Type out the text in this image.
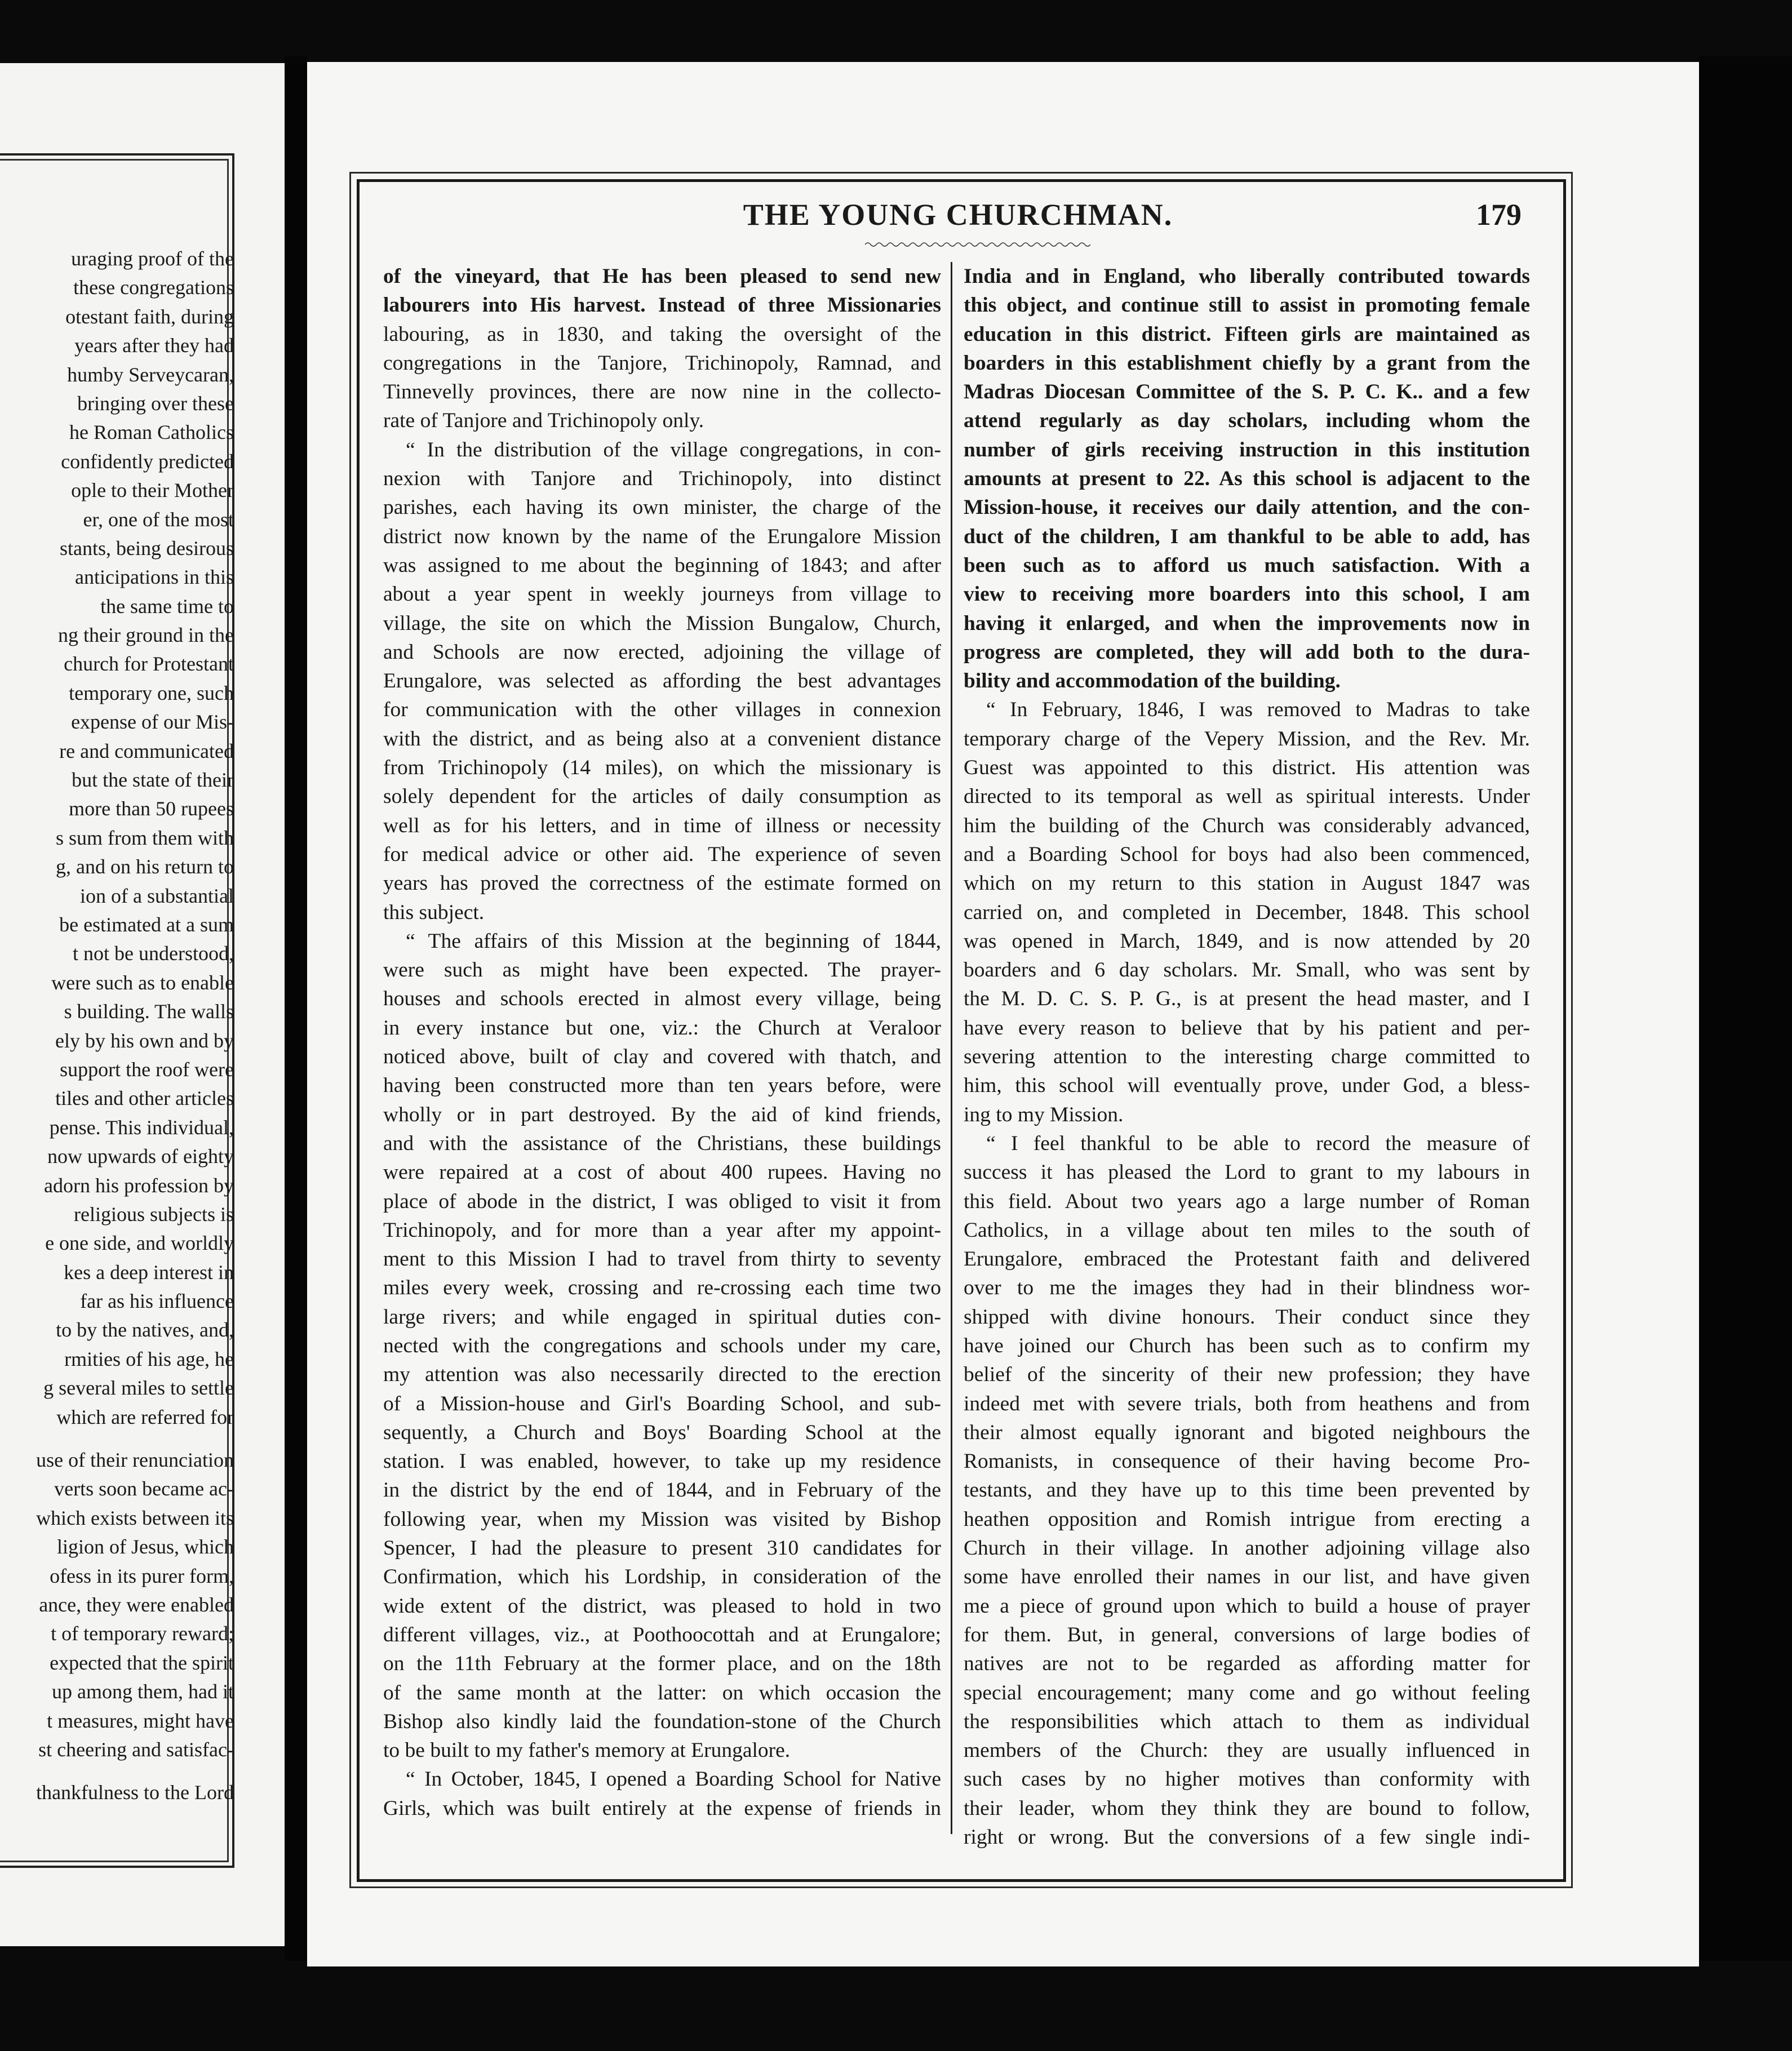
uraging proof of the
these congregations
otestant faith, during
years after they had
humby Serveycaran,
bringing over these
he Roman Catholics
confidently predicted
ople to their Mother
er, one of the most
stants, being desirous
anticipations in this
the same time to
ng their ground in the
church for Protestant
temporary one, such
expense of our Mis-
re and communicated
but the state of their
more than 50 rupees
s sum from them with
g, and on his return to
ion of a substantial
be estimated at a sum
t not be understood,
were such as to enable
s building. The walls
ely by his own and by
support the roof were
tiles and other articles
pense. This individual,
now upwards of eighty
adorn his profession by
religious subjects is
e one side, and worldly
kes a deep interest in
far as his influence
to by the natives, and,
rmities of his age, he
g several miles to settle
which are referred for
use of their renunciation
verts soon became ac-
which exists between its
ligion of Jesus, which
ofess in its purer form,
ance, they were enabled
t of temporary reward;
expected that the spirit
up among them, had it
t measures, might have
st cheering and satisfac-
thankfulness to the Lord
THE YOUNG CHURCHMAN.	179
of the vineyard, that He has been pleased to send new
labourers into His harvest. Instead of three Missionaries
labouring, as in 1830, and taking the oversight of the
congregations in the Tanjore, Trichinopoly, Ramnad, and
Tinnevelly provinces, there are now nine in the collecto-
rate of Tanjore and Trichinopoly only.
“ In the distribution of the village congregations, in con-
nexion with Tanjore and Trichinopoly, into distinct
parishes, each having its own minister, the charge of the
district now known by the name of the Erungalore Mission
was assigned to me about the beginning of 1843; and after
about a year spent in weekly journeys from village to
village, the site on which the Mission Bungalow, Church,
and Schools are now erected, adjoining the village of
Erungalore, was selected as affording the best advantages
for communication with the other villages in connexion
with the district, and as being also at a convenient distance
from Trichinopoly (14 miles), on which the missionary is
solely dependent for the articles of daily consumption as
well as for his letters, and in time of illness or necessity
for medical advice or other aid. The experience of seven
years has proved the correctness of the estimate formed on
this subject.
“ The affairs of this Mission at the beginning of 1844,
were such as might have been expected. The prayer-
houses and schools erected in almost every village, being
in every instance but one, viz.: the Church at Veraloor
noticed above, built of clay and covered with thatch, and
having been constructed more than ten years before, were
wholly or in part destroyed. By the aid of kind friends,
and with the assistance of the Christians, these buildings
were repaired at a cost of about 400 rupees. Having no
place of abode in the district, I was obliged to visit it from
Trichinopoly, and for more than a year after my appoint-
ment to this Mission I had to travel from thirty to seventy
miles every week, crossing and re-crossing each time two
large rivers; and while engaged in spiritual duties con-
nected with the congregations and schools under my care,
my attention was also necessarily directed to the erection
of a Mission-house and Girl's Boarding School, and sub-
sequently, a Church and Boys' Boarding School at the
station. I was enabled, however, to take up my residence
in the district by the end of 1844, and in February of the
following year, when my Mission was visited by Bishop
Spencer, I had the pleasure to present 310 candidates for
Confirmation, which his Lordship, in consideration of the
wide extent of the district, was pleased to hold in two
different villages, viz., at Poothoocottah and at Erungalore;
on the 11th February at the former place, and on the 18th
of the same month at the latter: on which occasion the
Bishop also kindly laid the foundation-stone of the Church
to be built to my father's memory at Erungalore.
“ In October, 1845, I opened a Boarding School for Native
Girls, which was built entirely at the expense of friends in
India and in England, who liberally contributed towards
this object, and continue still to assist in promoting female
education in this district. Fifteen girls are maintained as
boarders in this establishment chiefly by a grant from the
Madras Diocesan Committee of the S. P. C. K.. and a few
attend regularly as day scholars, including whom the
number of girls receiving instruction in this institution
amounts at present to 22. As this school is adjacent to the
Mission-house, it receives our daily attention, and the con-
duct of the children, I am thankful to be able to add, has
been such as to afford us much satisfaction. With a
view to receiving more boarders into this school, I am
having it enlarged, and when the improvements now in
progress are completed, they will add both to the dura-
bility and accommodation of the building.
“ In February, 1846, I was removed to Madras to take
temporary charge of the Vepery Mission, and the Rev. Mr.
Guest was appointed to this district. His attention was
directed to its temporal as well as spiritual interests. Under
him the building of the Church was considerably advanced,
and a Boarding School for boys had also been commenced,
which on my return to this station in August 1847 was
carried on, and completed in December, 1848. This school
was opened in March, 1849, and is now attended by 20
boarders and 6 day scholars. Mr. Small, who was sent by
the M. D. C. S. P. G., is at present the head master, and I
have every reason to believe that by his patient and per-
severing attention to the interesting charge committed to
him, this school will eventually prove, under God, a bless-
ing to my Mission.
“ I feel thankful to be able to record the measure of
success it has pleased the Lord to grant to my labours in
this field. About two years ago a large number of Roman
Catholics, in a village about ten miles to the south of
Erungalore, embraced the Protestant faith and delivered
over to me the images they had in their blindness wor-
shipped with divine honours. Their conduct since they
have joined our Church has been such as to confirm my
belief of the sincerity of their new profession; they have
indeed met with severe trials, both from heathens and from
their almost equally ignorant and bigoted neighbours the
Romanists, in consequence of their having become Pro-
testants, and they have up to this time been prevented by
heathen opposition and Romish intrigue from erecting a
Church in their village. In another adjoining village also
some have enrolled their names in our list, and have given
me a piece of ground upon which to build a house of prayer
for them. But, in general, conversions of large bodies of
natives are not to be regarded as affording matter for
special encouragement; many come and go without feeling
the responsibilities which attach to them as individual
members of the Church: they are usually influenced in
such cases by no higher motives than conformity with
their leader, whom they think they are bound to follow,
right or wrong. But the conversions of a few single indi-
